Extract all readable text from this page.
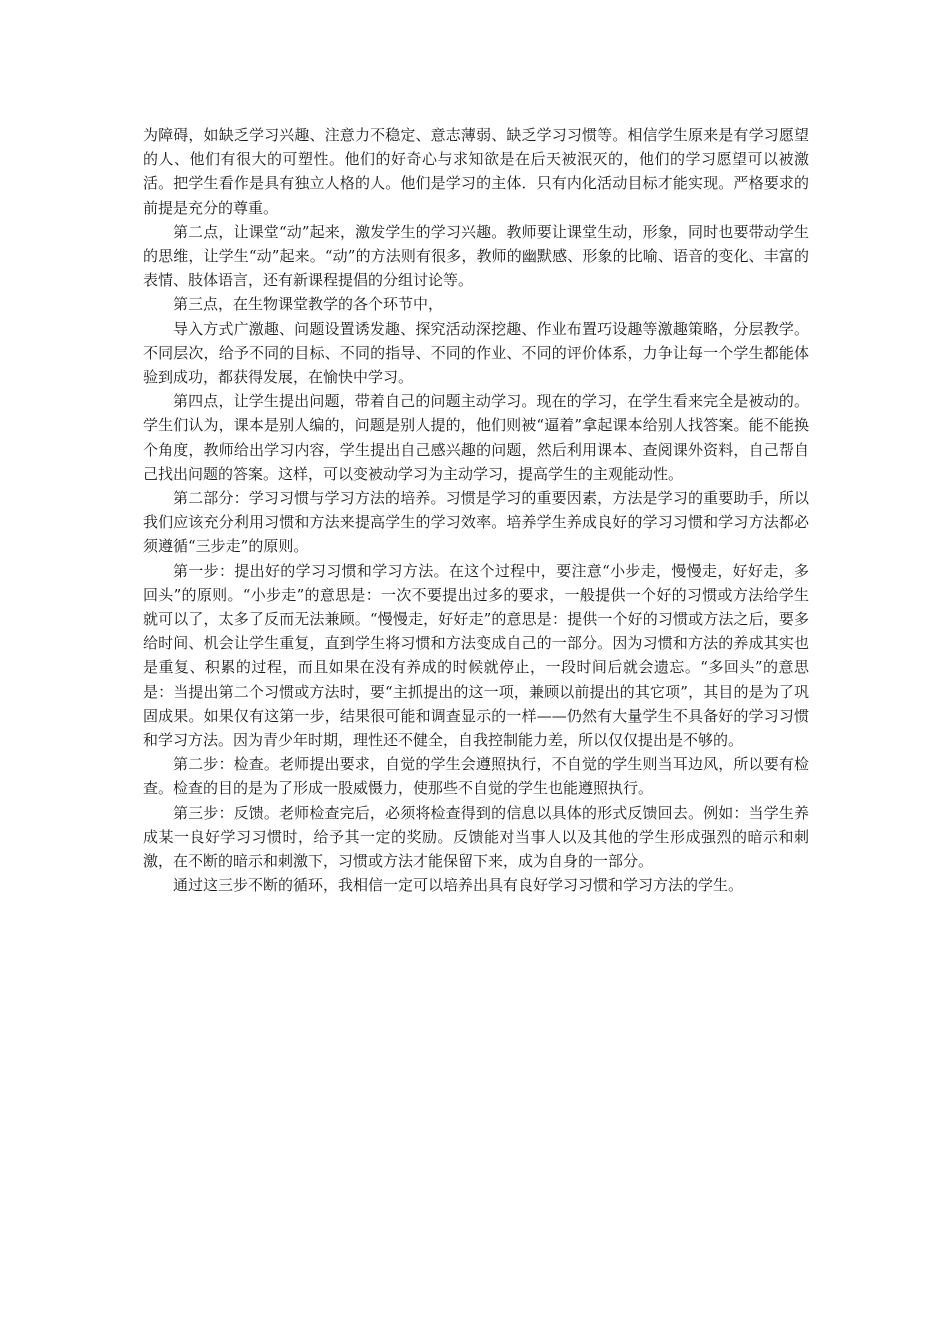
为障碍，如缺乏学习兴趣、注意力不稳定、意志薄弱、缺乏学习习惯等。相信学生原来是有学习愿望的人、他们有很大的可塑性。他们的好奇心与求知欲是在后天被泯灭的，他们的学习愿望可以被激活。把学生看作是具有独立人格的人。他们是学习的主体．只有内化活动目标才能实现。严格要求的前提是充分的尊重。

第二点，让课堂“动”起来，激发学生的学习兴趣。教师要让课堂生动，形象，同时也要带动学生的思维，让学生“动”起来。“动”的方法则有很多，教师的幽默感、形象的比喻、语音的变化、丰富的表情、肢体语言，还有新课程提倡的分组讨论等。

第三点，在生物课堂教学的各个环节中，

导入方式广激趣、问题设置诱发趣、探究活动深挖趣、作业布置巧设趣等激趣策略，分层教学。不同层次，给予不同的目标、不同的指导、不同的作业、不同的评价体系，力争让每一个学生都能体验到成功，都获得发展，在愉快中学习。

第四点，让学生提出问题，带着自己的问题主动学习。现在的学习，在学生看来完全是被动的。学生们认为，课本是别人编的，问题是别人提的，他们则被“逼着”拿起课本给别人找答案。能不能换个角度，教师给出学习内容，学生提出自己感兴趣的问题，然后利用课本、查阅课外资料，自己帮自己找出问题的答案。这样，可以变被动学习为主动学习，提高学生的主观能动性。

第二部分：学习习惯与学习方法的培养。习惯是学习的重要因素，方法是学习的重要助手，所以我们应该充分利用习惯和方法来提高学生的学习效率。培养学生养成良好的学习习惯和学习方法都必须遵循“三步走”的原则。

第一步：提出好的学习习惯和学习方法。在这个过程中，要注意“小步走，慢慢走，好好走，多回头”的原则。“小步走”的意思是：一次不要提出过多的要求，一般提供一个好的习惯或方法给学生就可以了，太多了反而无法兼顾。“慢慢走，好好走”的意思是：提供一个好的习惯或方法之后，要多给时间、机会让学生重复，直到学生将习惯和方法变成自己的一部分。因为习惯和方法的养成其实也是重复、积累的过程，而且如果在没有养成的时候就停止，一段时间后就会遗忘。“多回头”的意思是：当提出第二个习惯或方法时，要“主抓提出的这一项，兼顾以前提出的其它项”，其目的是为了巩固成果。如果仅有这第一步，结果很可能和调查显示的一样——仍然有大量学生不具备好的学习习惯和学习方法。因为青少年时期，理性还不健全，自我控制能力差，所以仅仅提出是不够的。

第二步：检查。老师提出要求，自觉的学生会遵照执行，不自觉的学生则当耳边风，所以要有检查。检查的目的是为了形成一股威慑力，使那些不自觉的学生也能遵照执行。

第三步：反馈。老师检查完后，必须将检查得到的信息以具体的形式反馈回去。例如：当学生养成某一良好学习习惯时，给予其一定的奖励。反馈能对当事人以及其他的学生形成强烈的暗示和刺激，在不断的暗示和刺激下，习惯或方法才能保留下来，成为自身的一部分。

通过这三步不断的循环，我相信一定可以培养出具有良好学习习惯和学习方法的学生。
